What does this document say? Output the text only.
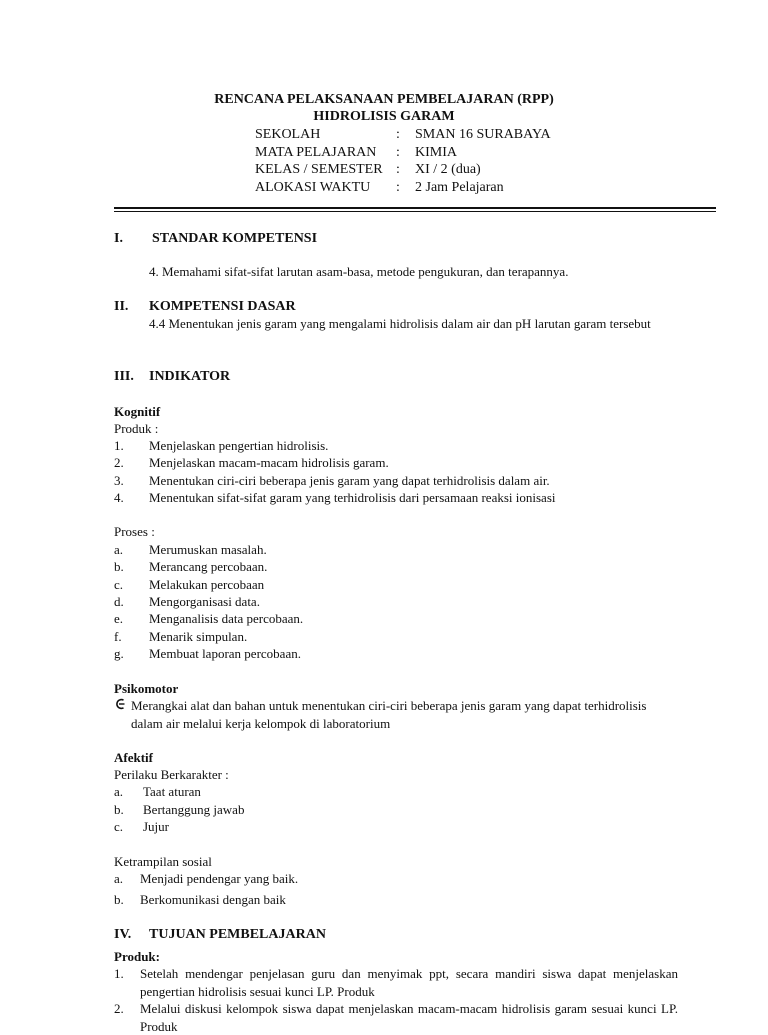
RENCANA PELAKSANAAN PEMBELAJARAN (RPP)
HIDROLISIS GARAM
SEKOLAH	: SMAN 16 SURABAYA
MATA PELAJARAN : KIMIA
KELAS / SEMESTER : XI / 2 (dua)
ALOKASI WAKTU : 2 Jam Pelajaran
I. STANDAR KOMPETENSI
4. Memahami sifat-sifat larutan asam-basa, metode pengukuran, dan terapannya.
II. KOMPETENSI DASAR
4.4 Menentukan jenis garam yang mengalami hidrolisis dalam air dan pH larutan garam tersebut
III. INDIKATOR
Kognitif
Produk :
1. Menjelaskan pengertian hidrolisis.
2. Menjelaskan macam-macam hidrolisis garam.
3. Menentukan ciri-ciri beberapa jenis garam yang dapat terhidrolisis dalam air.
4. Menentukan sifat-sifat garam yang terhidrolisis dari persamaan reaksi ionisasi
Proses :
a. Merumuskan masalah.
b. Merancang percobaan.
c. Melakukan percobaan
d. Mengorganisasi data.
e. Menganalisis data percobaan.
f. Menarik simpulan.
g. Membuat laporan percobaan.
Psikomotor
Merangkai alat dan bahan untuk menentukan ciri-ciri beberapa jenis garam yang dapat terhidrolisis dalam air melalui kerja kelompok di laboratorium
Afektif
Perilaku Berkarakter :
a. Taat aturan
b. Bertanggung jawab
c. Jujur
Ketrampilan sosial
a. Menjadi pendengar yang baik.
b. Berkomunikasi dengan baik
IV. TUJUAN PEMBELAJARAN
Produk:
1. Setelah mendengar penjelasan guru dan menyimak ppt, secara mandiri siswa dapat menjelaskan pengertian hidrolisis sesuai kunci LP. Produk
2. Melalui diskusi kelompok siswa dapat menjelaskan macam-macam hidrolisis garam sesuai kunci LP. Produk
